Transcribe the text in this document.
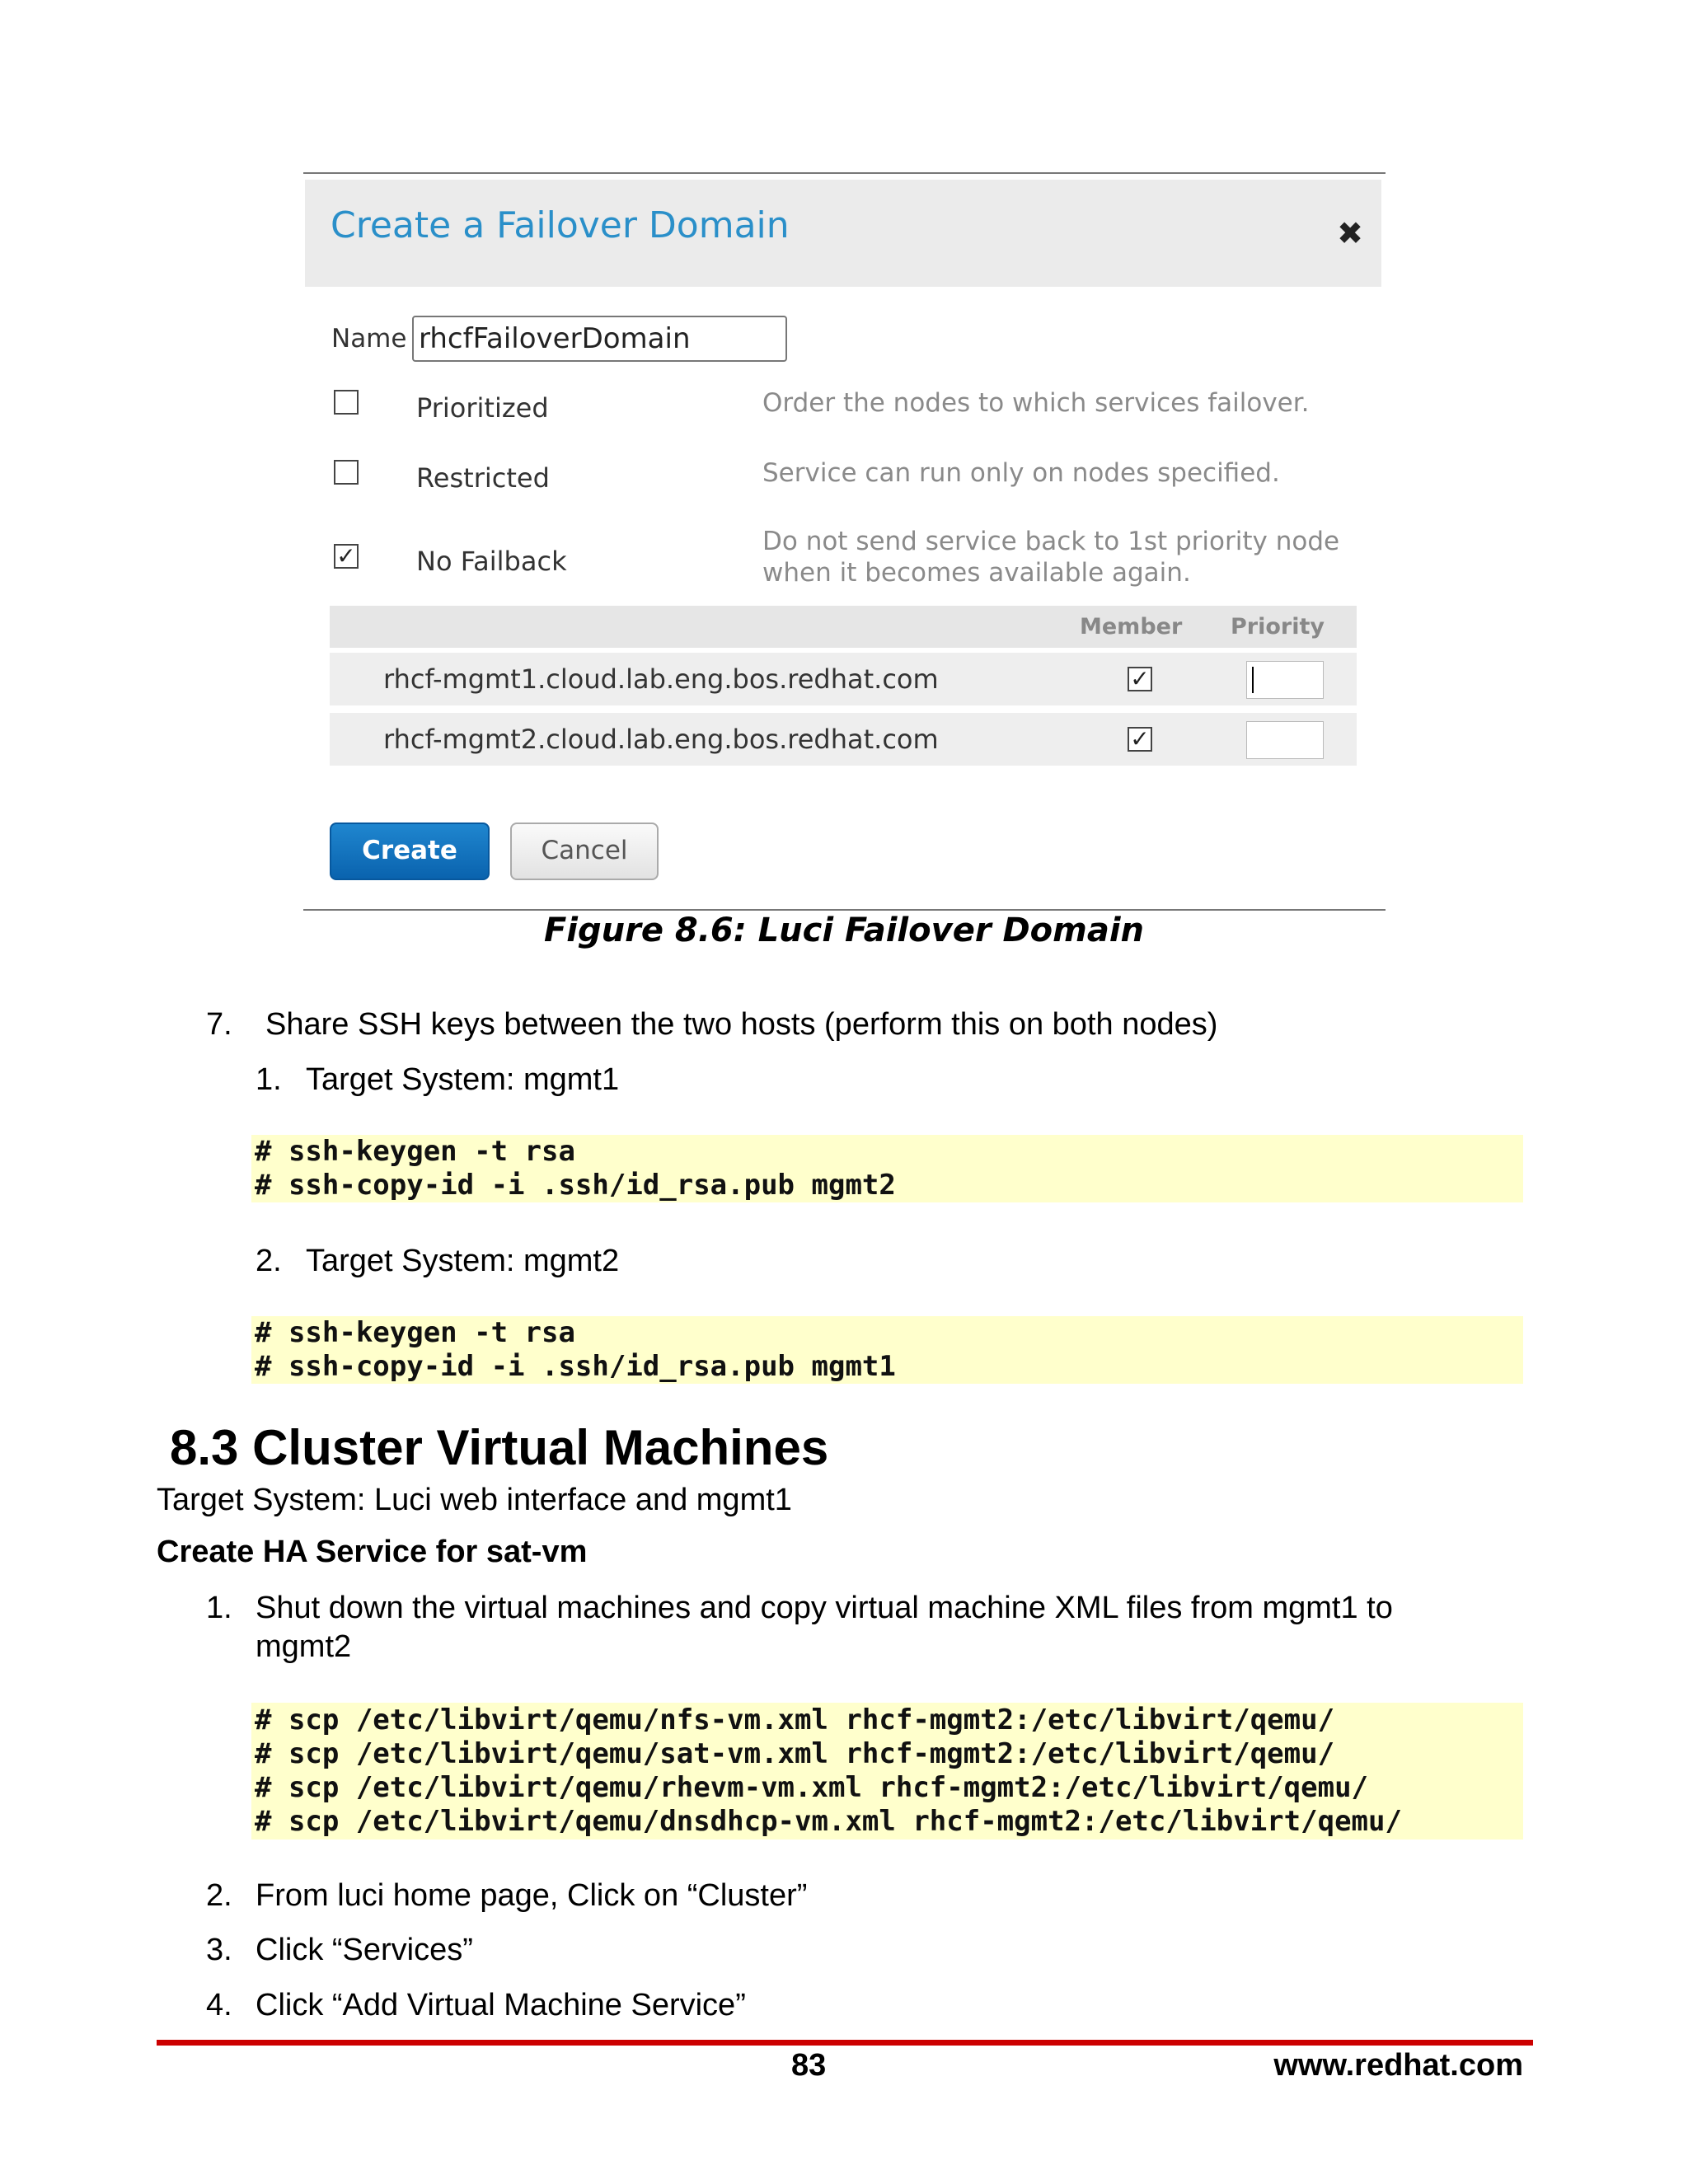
Create a Failover Domain	✖
Name rhcfFailoverDomain
Prioritized	Order the nodes to which services failover.
Restricted	Service can run only on nodes specified.
✓ No Failback
Do not send service back to 1st priority node
when it becomes available again.
Member Priority
rhcf-mgmt1.cloud.lab.eng.bos.redhat.com	✓
rhcf-mgmt2.cloud.lab.eng.bos.redhat.com	✓
Create	Cancel
Figure 8.6: Luci Failover Domain
7. Share SSH keys between the two hosts (perform this on both nodes)
1. Target System: mgmt1
# ssh-keygen -t rsa
# ssh-copy-id -i .ssh/id_rsa.pub mgmt2
2. Target System: mgmt2
# ssh-keygen -t rsa
# ssh-copy-id -i .ssh/id_rsa.pub mgmt1
8.3 Cluster Virtual Machines
Target System: Luci web interface and mgmt1
Create HA Service for sat-vm
1. Shut down the virtual machines and copy virtual machine XML files from mgmt1 to
mgmt2
# scp /etc/libvirt/qemu/nfs-vm.xml rhcf-mgmt2:/etc/libvirt/qemu/
# scp /etc/libvirt/qemu/sat-vm.xml rhcf-mgmt2:/etc/libvirt/qemu/
# scp /etc/libvirt/qemu/rhevm-vm.xml rhcf-mgmt2:/etc/libvirt/qemu/
# scp /etc/libvirt/qemu/dnsdhcp-vm.xml rhcf-mgmt2:/etc/libvirt/qemu/
2. From luci home page, Click on “Cluster”
3. Click “Services”
4. Click “Add Virtual Machine Service”
83	www.redhat.com
